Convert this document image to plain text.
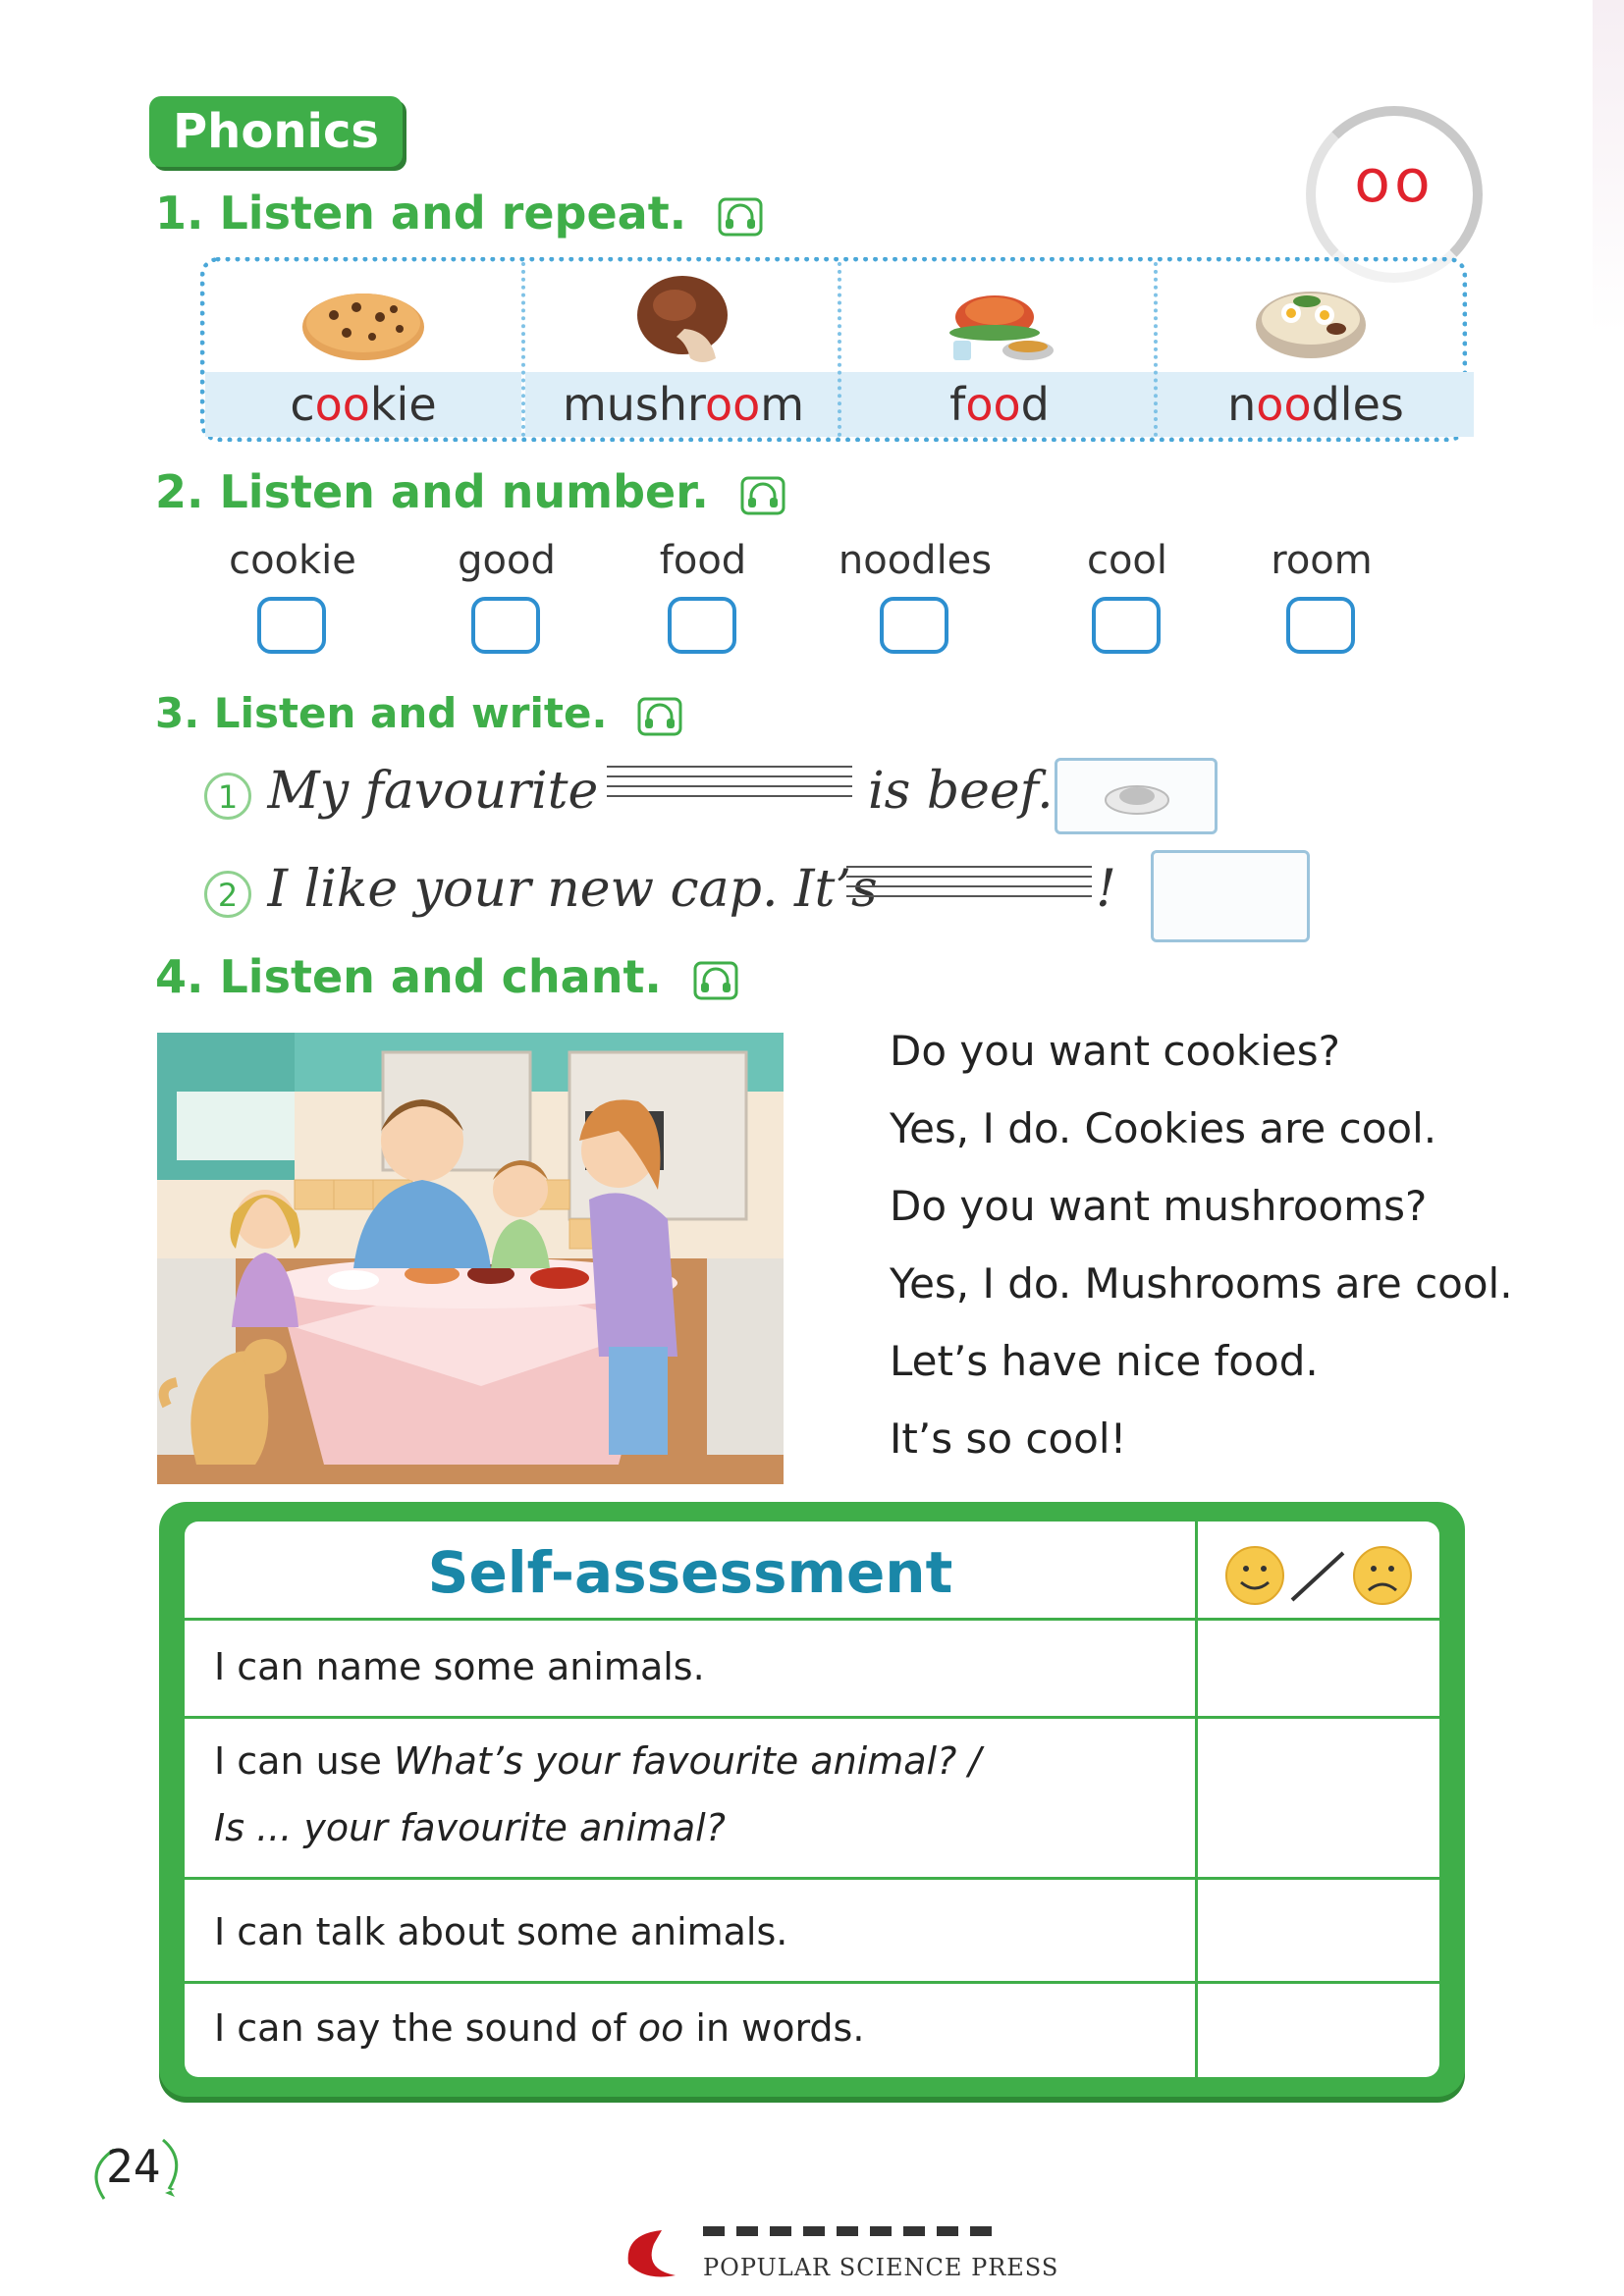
Phonics
oo
1. Listen and repeat.
cookie	mushroom	food	noodles
2. Listen and number.
cookie	good	food	noodles	cool	room
3. Listen and write.
1 My favourite	is beef.
2 I like your new cap. It’s	!
4. Listen and chant.
Do you want cookies?
Yes, I do. Cookies are cool.
Do you want mushrooms?
Yes, I do. Mushrooms are cool.
Let’s have nice food.
It’s so cool!
Self-assessment
I can name some animals.
I can use What’s your favourite animal? /
Is ... your favourite animal?
I can talk about some animals.
I can say the sound of oo in words.
24
POPULAR SCIENCE PRESS
